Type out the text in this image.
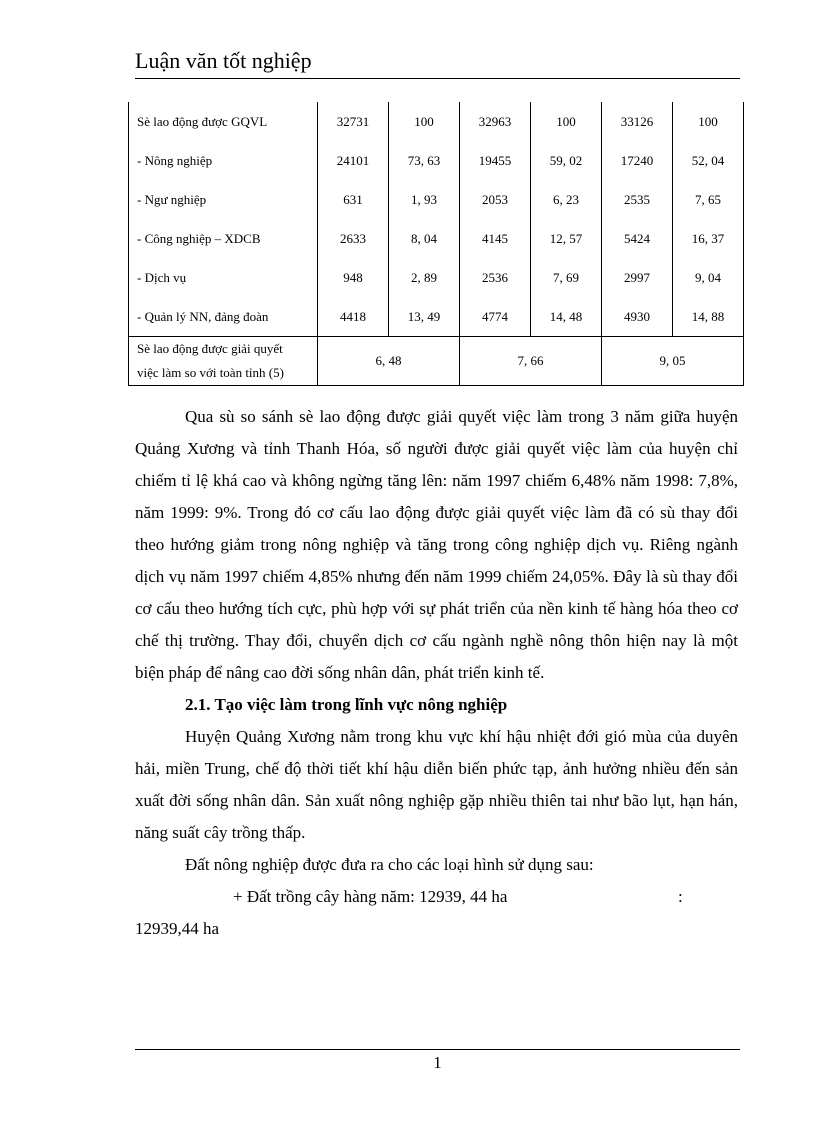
Luận văn tốt nghiệp
Sè lao động được GQVL	32731	100	32963	100	33126	100
- Nông nghiệp	24101	73, 63	19455	59, 02	17240	52, 04
- Ngư nghiệp	631	1, 93	2053	6, 23	2535	7, 65
- Công nghiệp – XDCB	2633	8, 04	4145	12, 57	5424	16, 37
- Dịch vụ	948	2, 89	2536	7, 69	2997	9, 04
- Quản lý NN, đảng đoàn	4418	13, 49	4774	14, 48	4930	14, 88

Sè lao động được giải quyết
việc làm so với toàn tỉnh (5)	6, 48		7, 66		9, 05	
Qua sù so sánh sè lao động được giải quyết việc làm trong 3 năm giữa huyện Quảng Xương và tỉnh Thanh Hóa, số người được giải quyết việc làm của huyện chỉ chiếm tỉ lệ khá cao và không ngừng tăng lên: năm 1997 chiếm 6,48% năm 1998: 7,8%, năm 1999: 9%. Trong đó cơ cấu lao động được giải quyết việc làm đã có sù thay đổi theo hướng giảm trong nông nghiệp và tăng trong công nghiệp dịch vụ. Riêng ngành dịch vụ năm 1997 chiếm 4,85% nhưng đến năm 1999 chiếm 24,05%. Đây là sù thay đổi cơ cấu theo hướng tích cực, phù hợp với sự phát triển của nền kinh tế hàng hóa theo cơ chế thị trường. Thay đổi, chuyển dịch cơ cấu ngành nghề nông thôn hiện nay là một biện pháp để nâng cao đời sống nhân dân, phát triển kinh tế.
2.1. Tạo việc làm trong lĩnh vực nông nghiệp
Huyện Quảng Xương nằm trong khu vực khí hậu nhiệt đới gió mùa của duyên hải, miền Trung, chế độ thời tiết khí hậu diễn biến phức tạp, ảnh hưởng nhiều đến sản xuất đời sống nhân dân. Sản xuất nông nghiệp gặp nhiều thiên tai như bão lụt, hạn hán, năng suất cây trồng thấp.
Đất nông nghiệp được đưa ra cho các loại hình sử dụng sau:
+ Đất trồng cây hàng năm: 12939, 44 ha	:
12939,44 ha
1
